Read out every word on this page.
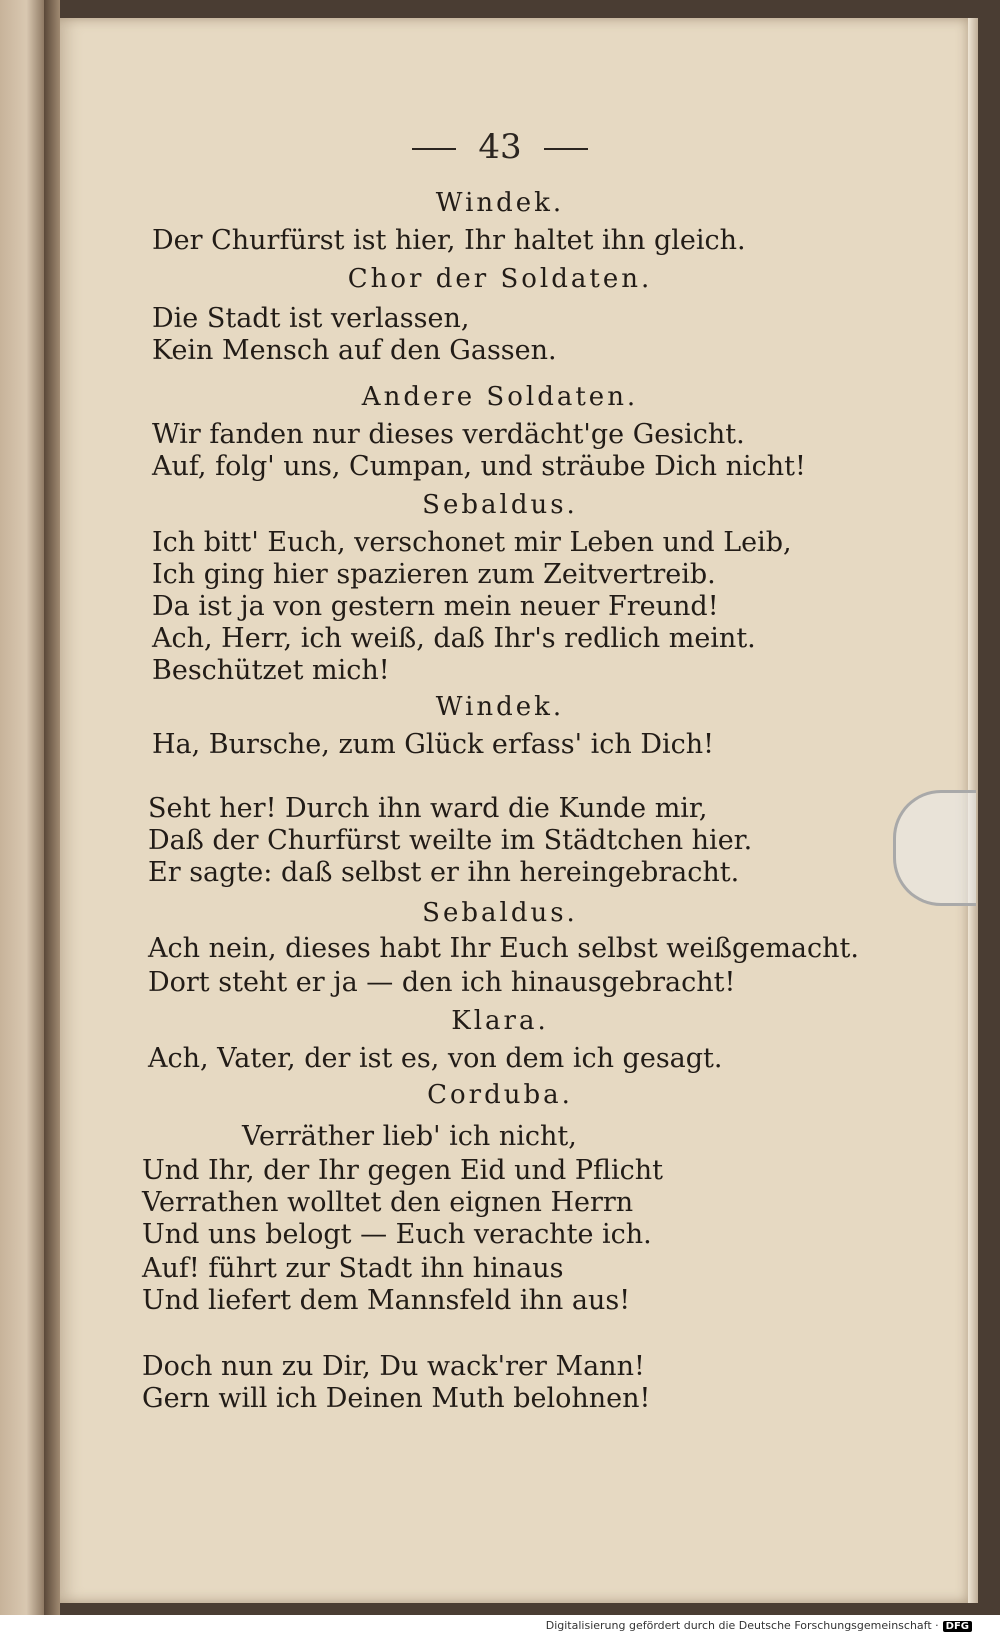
43

Windek.

Der Churfürst ist hier, Ihr haltet ihn gleich.

Chor der Soldaten.

Die Stadt ist verlassen,

Kein Mensch auf den Gassen.

Andere Soldaten.

Wir fanden nur dieses verdächt'ge Gesicht.

Auf, folg' uns, Cumpan, und sträube Dich nicht!

Sebaldus.

Ich bitt' Euch, verschonet mir Leben und Leib,

Ich ging hier spazieren zum Zeitvertreib.

Da ist ja von gestern mein neuer Freund!

Ach, Herr, ich weiß, daß Ihr's redlich meint.

Beschützet mich!

Windek.

Ha, Bursche, zum Glück erfass' ich Dich!

Seht her! Durch ihn ward die Kunde mir,

Daß der Churfürst weilte im Städtchen hier.

Er sagte: daß selbst er ihn hereingebracht.

Sebaldus.

Ach nein, dieses habt Ihr Euch selbst weißgemacht.

Dort steht er ja — den ich hinausgebracht!

Klara.

Ach, Vater, der ist es, von dem ich gesagt.

Corduba.

Verräther lieb' ich nicht,

Und Ihr, der Ihr gegen Eid und Pflicht

Verrathen wolltet den eignen Herrn

Und uns belogt — Euch verachte ich.

Auf! führt zur Stadt ihn hinaus

Und liefert dem Mannsfeld ihn aus!

Doch nun zu Dir, Du wack'rer Mann!

Gern will ich Deinen Muth belohnen!

Digitalisierung gefördert durch die Deutsche Forschungsgemeinschaft · DFG
